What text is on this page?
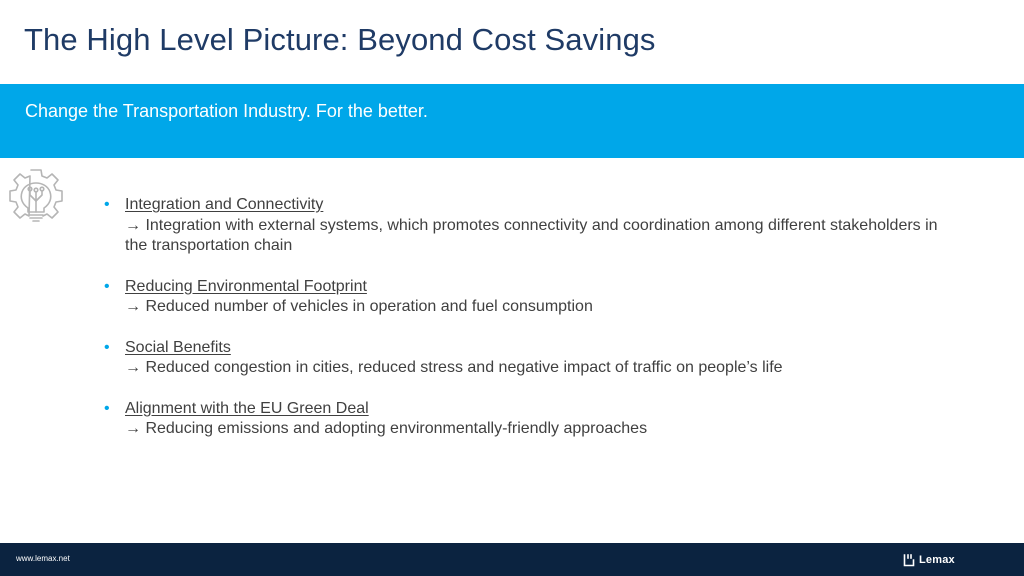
The High Level Picture: Beyond Cost Savings
Change the Transportation Industry. For the better.
• Integration and Connectivity
→ Integration with external systems, which promotes connectivity and coordination among different stakeholders in the transportation chain
• Reducing Environmental Footprint
→ Reduced number of vehicles in operation and fuel consumption
• Social Benefits
→ Reduced congestion in cities, reduced stress and negative impact of traffic on people’s life
• Alignment with the EU Green Deal
→ Reducing emissions and adopting environmentally-friendly approaches
www.lemax.net	Lemax
